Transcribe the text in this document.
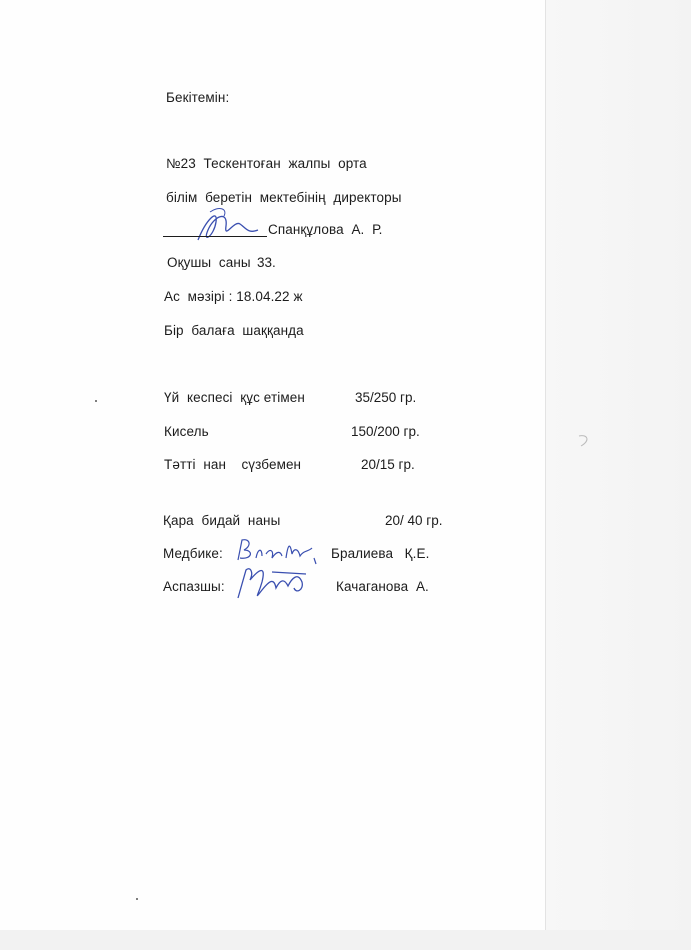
Бекітемін:
№23  Тескентоған  жалпы  орта
білім  беретін  мектебінің  директоры
Спанқұлова  А.  Р.
Оқушы  саны 33.
Ас  мәзірі : 18.04.22 ж
Бір  балаға  шаққанда
Үй  кеспесі  құс етімен	35/250 гр.
Кисель	150/200 гр.
Тәтті  нан    сүзбемен	20/15 гр.
Қара  бидай  наны	20/ 40 гр.
Медбике:	Бралиева   Қ.Е.
Аспазшы:	Качаганова  А.
